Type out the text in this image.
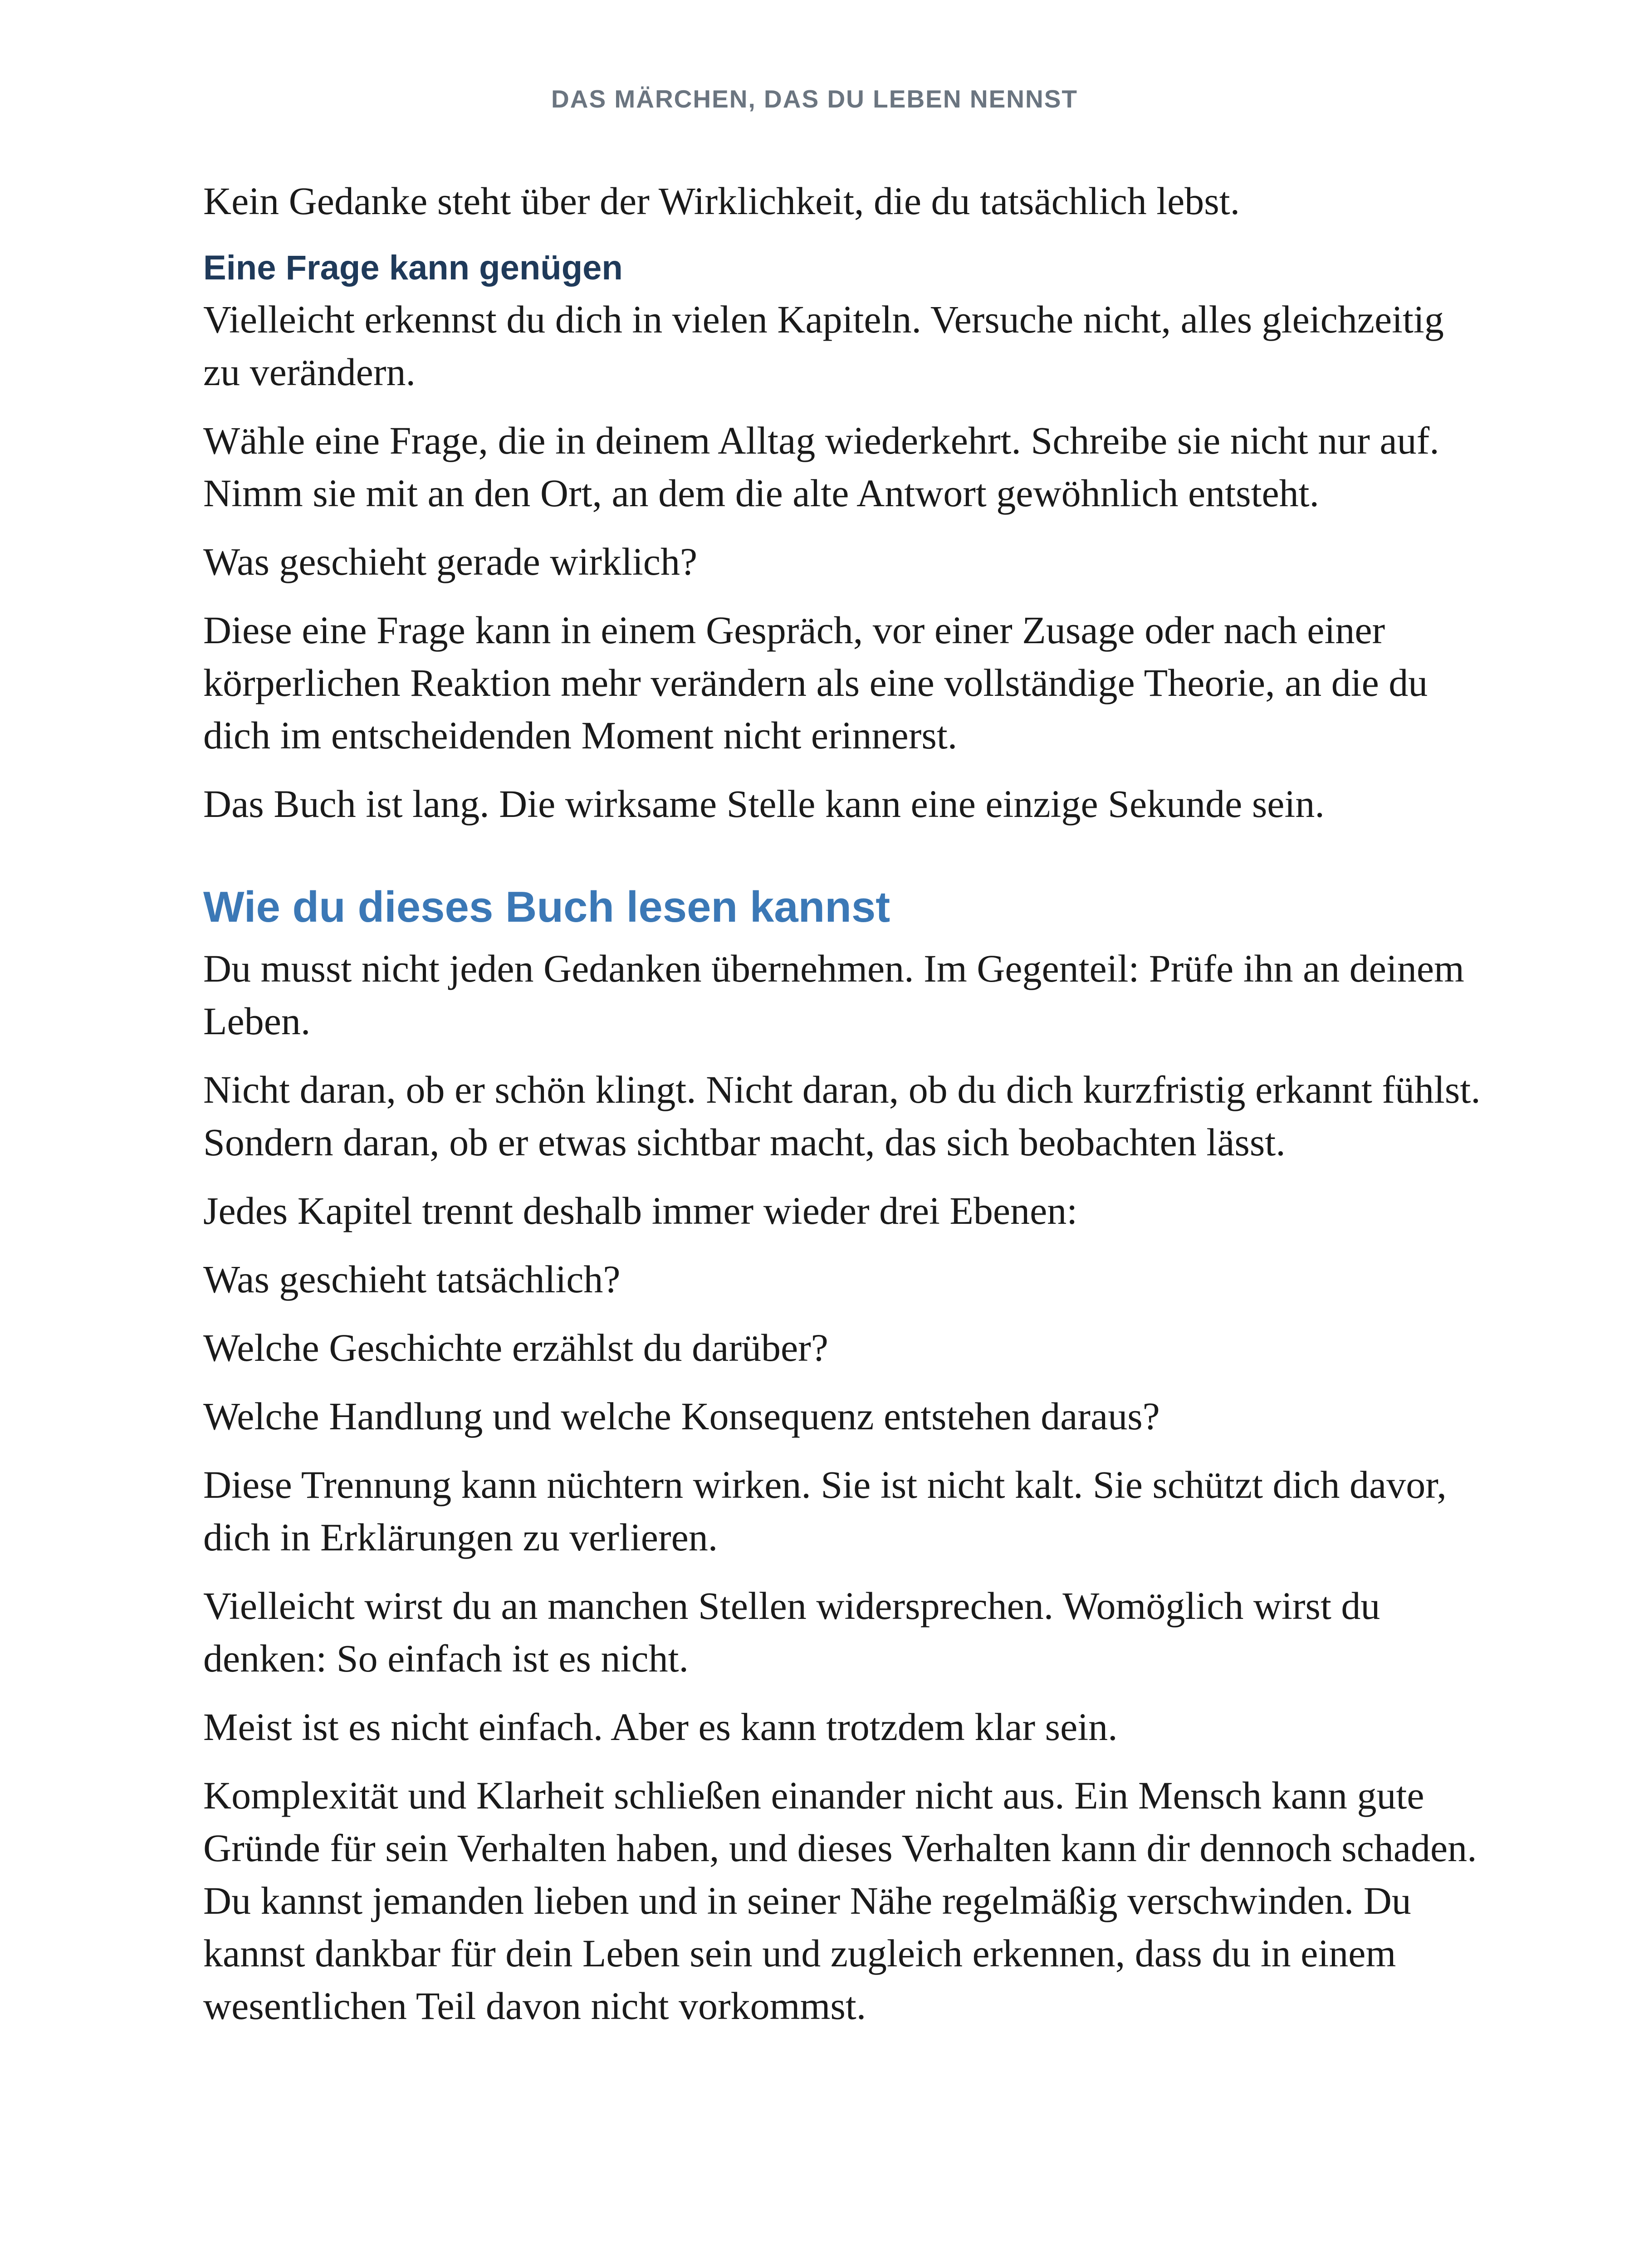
DAS MÄRCHEN, DAS DU LEBEN NENNST

Kein Gedanke steht über der Wirklichkeit, die du tatsächlich lebst.

Eine Frage kann genügen

Vielleicht erkennst du dich in vielen Kapiteln. Versuche nicht, alles gleichzeitig zu verändern.

Wähle eine Frage, die in deinem Alltag wiederkehrt. Schreibe sie nicht nur auf. Nimm sie mit an den Ort, an dem die alte Antwort gewöhnlich entsteht.

Was geschieht gerade wirklich?

Diese eine Frage kann in einem Gespräch, vor einer Zusage oder nach einer körperlichen Reaktion mehr verändern als eine vollständige Theorie, an die du dich im entscheidenden Moment nicht erinnerst.

Das Buch ist lang. Die wirksame Stelle kann eine einzige Sekunde sein.

Wie du dieses Buch lesen kannst

Du musst nicht jeden Gedanken übernehmen. Im Gegenteil: Prüfe ihn an deinem Leben.

Nicht daran, ob er schön klingt. Nicht daran, ob du dich kurzfristig erkannt fühlst. Sondern daran, ob er etwas sichtbar macht, das sich beobachten lässt.

Jedes Kapitel trennt deshalb immer wieder drei Ebenen:

Was geschieht tatsächlich?

Welche Geschichte erzählst du darüber?

Welche Handlung und welche Konsequenz entstehen daraus?

Diese Trennung kann nüchtern wirken. Sie ist nicht kalt. Sie schützt dich davor, dich in Erklärungen zu verlieren.

Vielleicht wirst du an manchen Stellen widersprechen. Womöglich wirst du denken: So einfach ist es nicht.

Meist ist es nicht einfach. Aber es kann trotzdem klar sein.

Komplexität und Klarheit schließen einander nicht aus. Ein Mensch kann gute Gründe für sein Verhalten haben, und dieses Verhalten kann dir dennoch schaden. Du kannst jemanden lieben und in seiner Nähe regelmäßig verschwinden. Du kannst dankbar für dein Leben sein und zugleich erkennen, dass du in einem wesentlichen Teil davon nicht vorkommst.
